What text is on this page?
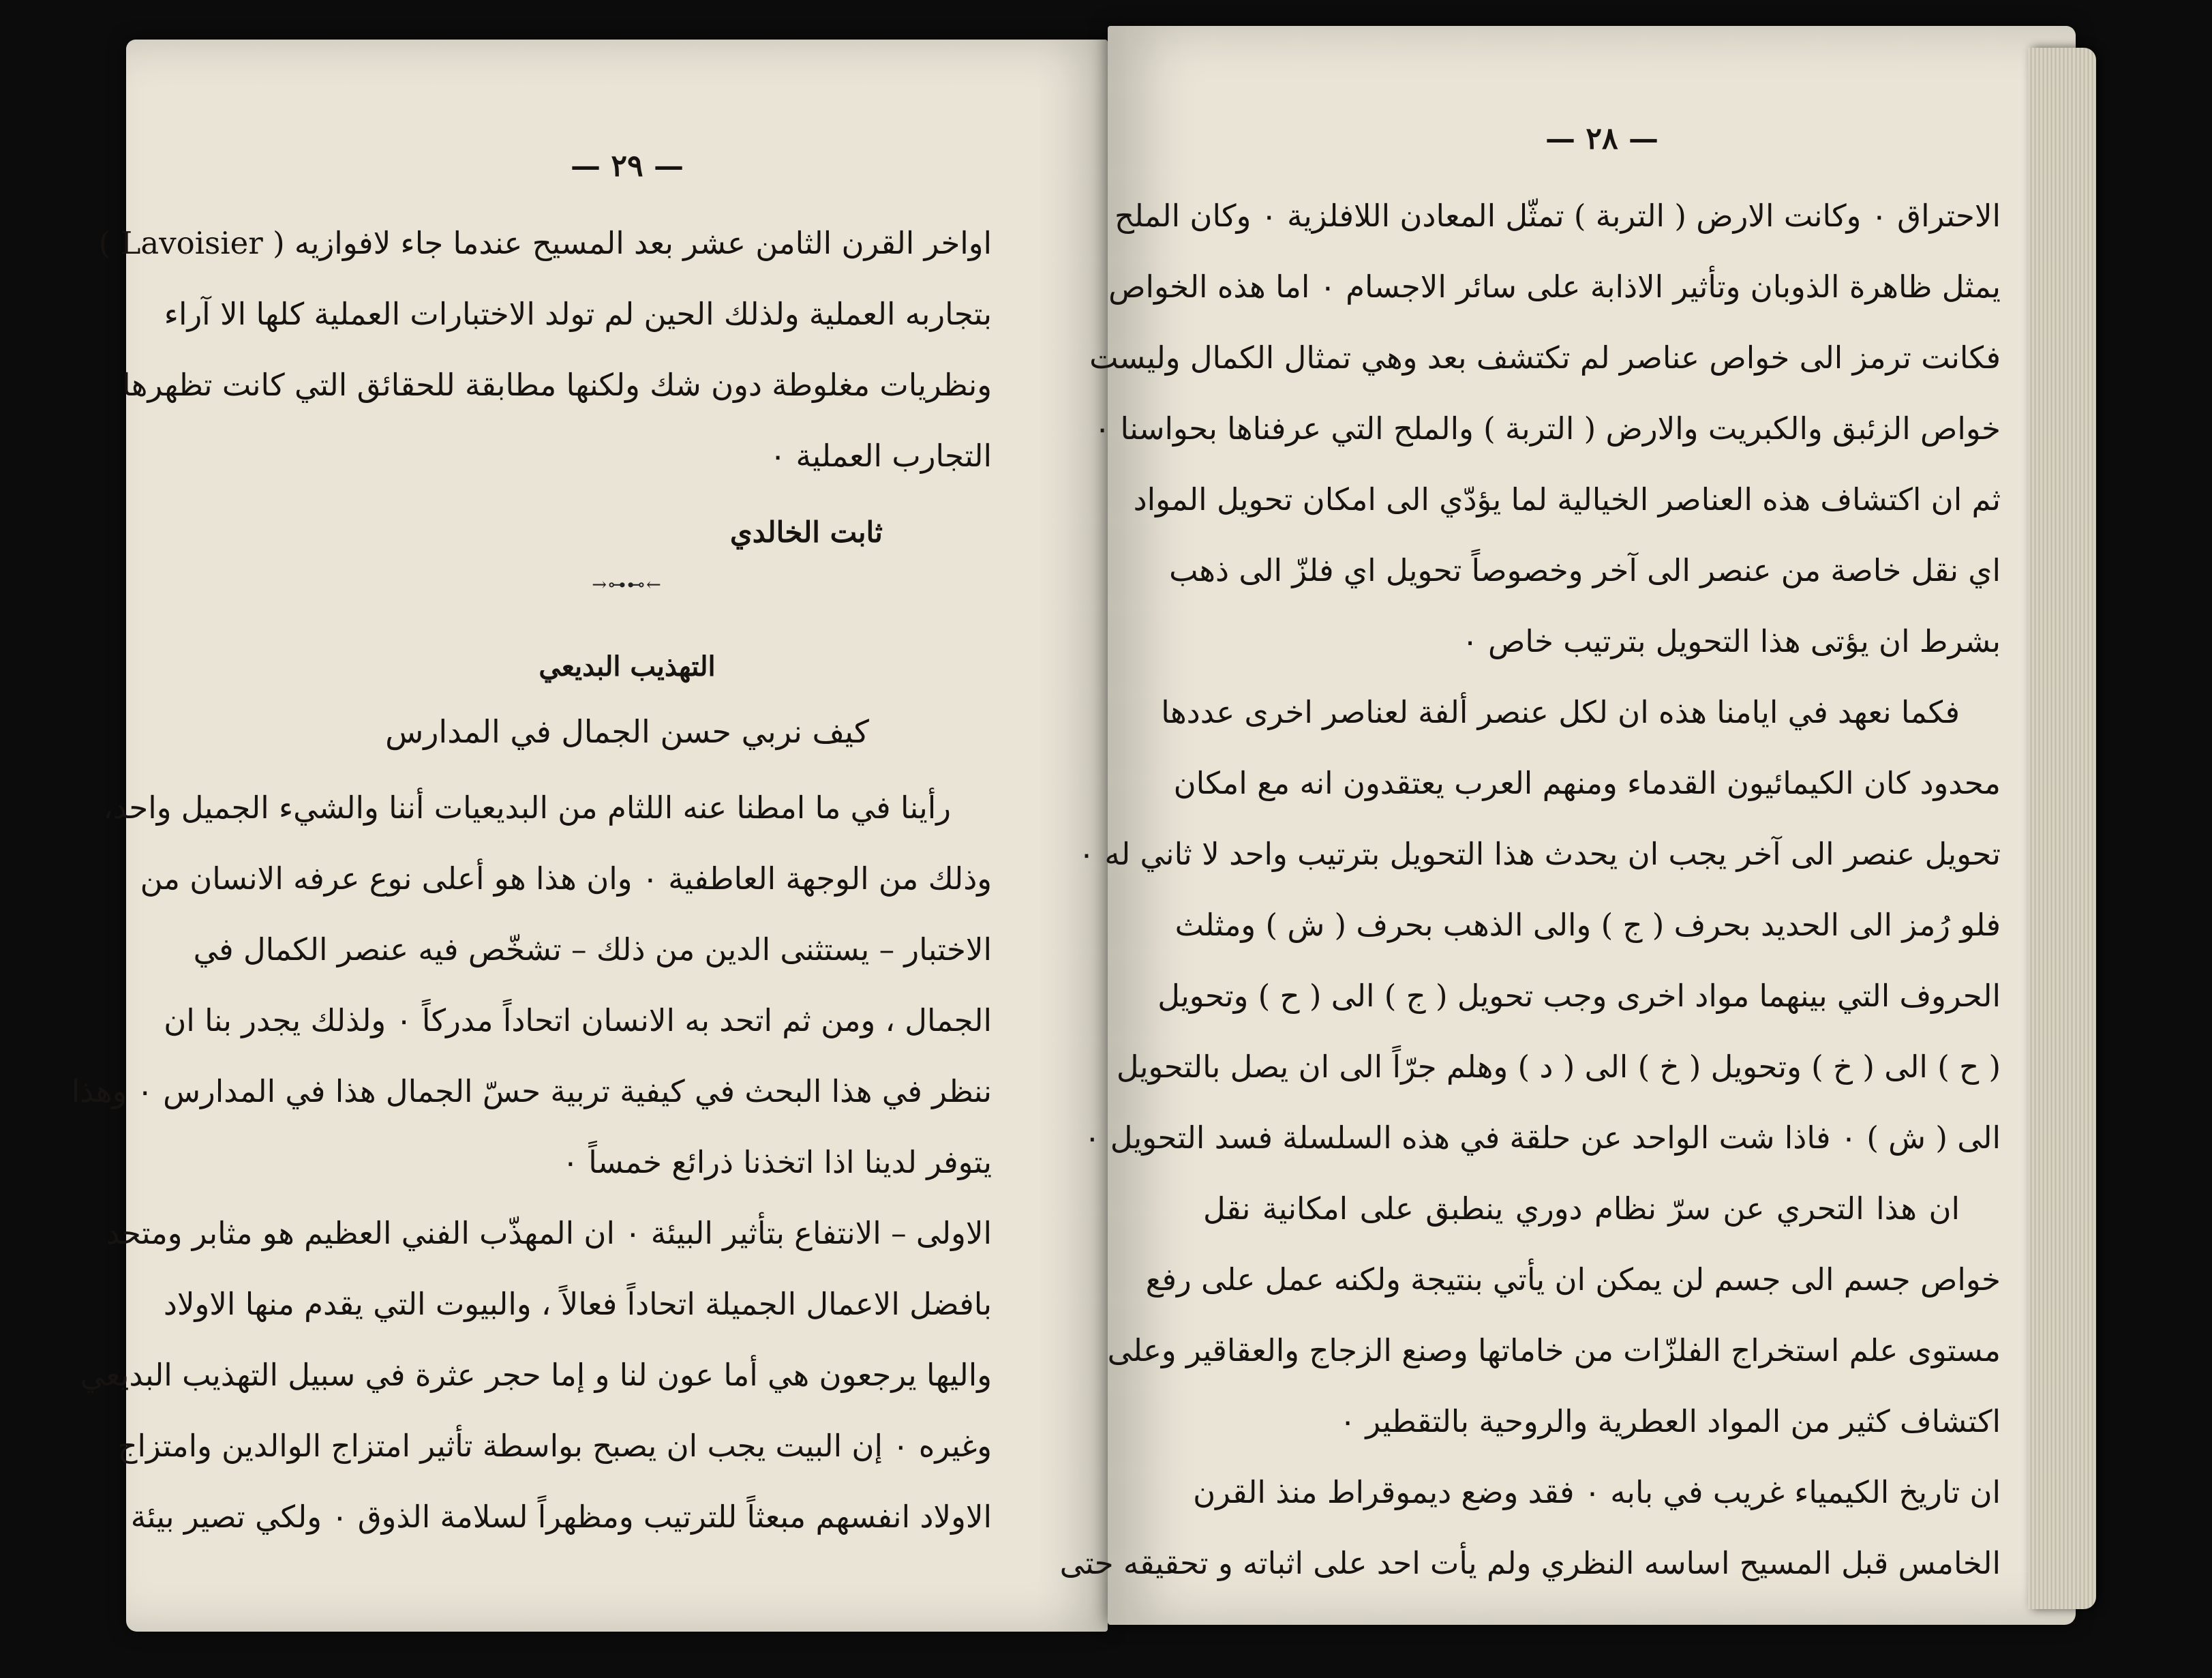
— ٢٩ —
اواخر القرن الثامن عشر بعد المسيح عندما جاء لافوازيه ( Lavoisier )
بتجاربه العملية ولذلك الحين لم تولد الاختبارات العملية كلها الا آراء
ونظريات مغلوطة دون شك ولكنها مطابقة للحقائق التي كانت تظهرها
التجارب العملية ٠
ثابت الخالدي
→⊶⊷←
التهذيب البديعي
كيف نربي حسن الجمال في المدارس
رأينا في ما امطنا عنه اللثام من البديعيات أننا والشيء الجميل واحد،
وذلك من الوجهة العاطفية ٠ وان هذا هو أعلى نوع عرفه الانسان من
الاختبار – يستثنى الدين من ذلك – تشخّص فيه عنصر الكمال في
الجمال ، ومن ثم اتحد به الانسان اتحاداً مدركاً ٠ ولذلك يجدر بنا ان
ننظر في هذا البحث في كيفية تربية حسّ الجمال هذا في المدارس ٠ وهذا
يتوفر لدينا اذا اتخذنا ذرائع خمساً ٠
الاولى – الانتفاع بتأثير البيئة ٠ ان المهذّب الفني العظيم هو مثابر ومتحد
بافضل الاعمال الجميلة اتحاداً فعالاً ، والبيوت التي يقدم منها الاولاد
واليها يرجعون هي أما عون لنا و إما حجر عثرة في سبيل التهذيب البديعي
وغيره ٠ إن البيت يجب ان يصبح بواسطة تأثير امتزاج الوالدين وامتزاج
الاولاد انفسهم مبعثاً للترتيب ومظهراً لسلامة الذوق ٠ ولكي تصير بيئة
— ٢٨ —
الاحتراق ٠ وكانت الارض ( التربة ) تمثّل المعادن اللافلزية ٠ وكان الملح
يمثل ظاهرة الذوبان وتأثير الاذابة على سائر الاجسام ٠ اما هذه الخواص
فكانت ترمز الى خواص عناصر لم تكتشف بعد وهي تمثال الكمال وليست
خواص الزئبق والكبريت والارض ( التربة ) والملح التي عرفناها بحواسنا ٠
ثم ان اكتشاف هذه العناصر الخيالية لما يؤدّي الى امكان تحويل المواد
اي نقل خاصة من عنصر الى آخر وخصوصاً تحويل اي فلزّ الى ذهب
بشرط ان يؤتى هذا التحويل بترتيب خاص ٠
فكما نعهد في ايامنا هذه ان لكل عنصر ألفة لعناصر اخرى عددها
محدود كان الكيمائيون القدماء ومنهم العرب يعتقدون انه مع امكان
تحويل عنصر الى آخر يجب ان يحدث هذا التحويل بترتيب واحد لا ثاني له ٠
فلو رُمز الى الحديد بحرف ( ج ) والى الذهب بحرف ( ش ) ومثلث
الحروف التي بينهما مواد اخرى وجب تحويل ( ج ) الى ( ح ) وتحويل
( ح ) الى ( خ ) وتحويل ( خ ) الى ( د ) وهلم جرّاً الى ان يصل بالتحويل
الى ( ش ) ٠ فاذا شت الواحد عن حلقة في هذه السلسلة فسد التحويل ٠
ان هذا التحري عن سرّ نظام دوري ينطبق على امكانية نقل
خواص جسم الى جسم لن يمكن ان يأتي بنتيجة ولكنه عمل على رفع
مستوى علم استخراج الفلزّات من خاماتها وصنع الزجاج والعقاقير وعلى
اكتشاف كثير من المواد العطرية والروحية بالتقطير ٠
ان تاريخ الكيمياء غريب في بابه ٠ فقد وضع ديموقراط منذ القرن
الخامس قبل المسيح اساسه النظري ولم يأت احد على اثباته و تحقيقه حتى
